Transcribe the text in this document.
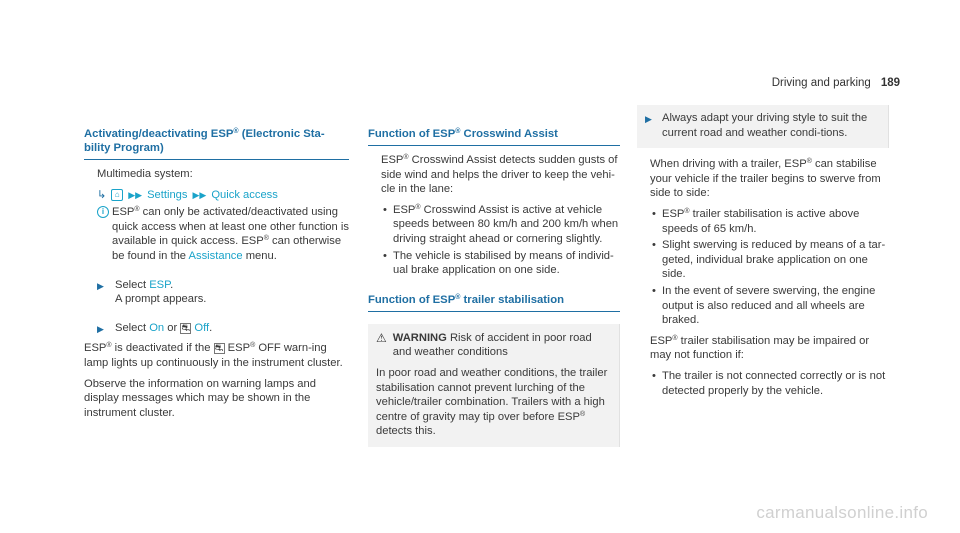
Driving and parking 189
Activating/deactivating ESP® (Electronic Sta-bility Program)

Multimedia system:

↳	⌂ ▶▶ Settings ▶▶ Quick access
i ESP® can only be activated/deactivated using quick access when at least one other function is available in quick access. ESP® can otherwise be found in the Assistance menu.
▶ Select ESP.
A prompt appears.
▶ Select On or ⛐ Off.

ESP® is deactivated if the ⛐ ESP® OFF warn-ing lamp lights up continuously in the instrument cluster.

Observe the information on warning lamps and display messages which may be shown in the instrument cluster.

Function of ESP® Crosswind Assist

ESP® Crosswind Assist detects sudden gusts of side wind and helps the driver to keep the vehi-cle in the lane:

• ESP® Crosswind Assist is active at vehicle speeds between 80 km/h and 200 km/h when driving straight ahead or cornering slightly.
• The vehicle is stabilised by means of individ-ual brake application on one side.
Function of ESP® trailer stabilisation
⚠ WARNING Risk of accident in poor road and weather conditions
In poor road and weather conditions, the trailer stabilisation cannot prevent lurching of the vehicle/trailer combination. Trailers with a high centre of gravity may tip over before ESP® detects this.
▶ Always adapt your driving style to suit the current road and weather condi-tions.

When driving with a trailer, ESP® can stabilise your vehicle if the trailer begins to swerve from side to side:

• ESP® trailer stabilisation is active above speeds of 65 km/h.
• Slight swerving is reduced by means of a tar-geted, individual brake application on one side.
• In the event of severe swerving, the engine output is also reduced and all wheels are braked.

ESP® trailer stabilisation may be impaired or may not function if:

• The trailer is not connected correctly or is not detected properly by the vehicle.
carmanualsonline.info
